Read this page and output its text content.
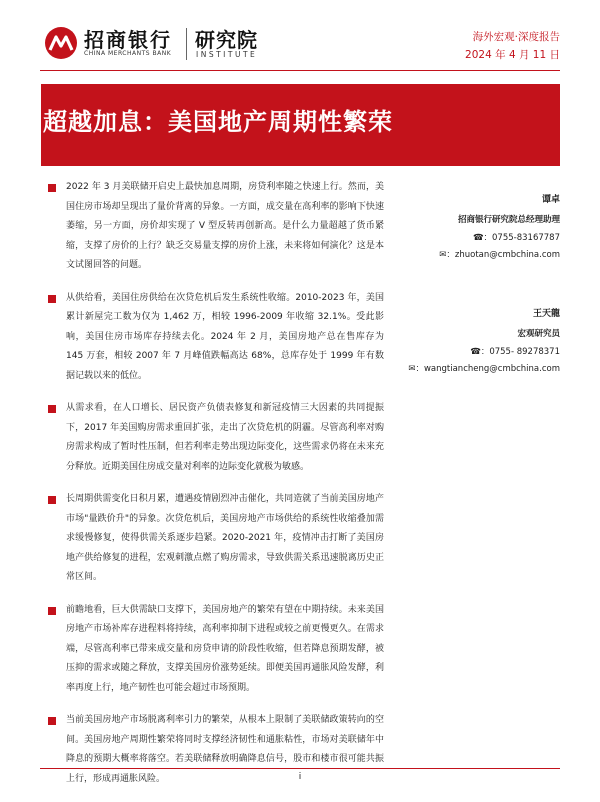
招商银行
CHINA MERCHANTS BANK
研究院
INSTITUTE
海外宏观·深度报告
2024 年 4 月 11 日
超越加息：美国地产周期性繁荣

2022 年 3 月美联储开启史上最快加息周期，房贷利率随之快速上行。然而，美国住房市场却呈现出了量价背离的异象。一方面，成交量在高利率的影响下快速萎缩，另一方面，房价却实现了 V 型反转再创新高。是什么力量超越了货币紧缩，支撑了房价的上行？缺乏交易量支撑的房价上涨，未来将如何演化？这是本文试图回答的问题。

从供给看，美国住房供给在次贷危机后发生系统性收缩。2010-2023 年，美国累计新屋完工数为仅为 1,462 万，相较 1996-2009 年收缩 32.1%。受此影响，美国住房市场库存持续去化。2024 年 2 月，美国房地产总在售库存为 145 万套，相较 2007 年 7 月峰值跌幅高达 68%，总库存处于 1999 年有数据记载以来的低位。

从需求看，在人口增长、居民资产负债表修复和新冠疫情三大因素的共同提振下，2017 年美国购房需求重回扩张，走出了次贷危机的阴霾。尽管高利率对购房需求构成了暂时性压制，但若利率走势出现边际变化，这些需求仍将在未来充分释放。近期美国住房成交量对利率的边际变化就极为敏感。

长周期供需变化日积月累，遭遇疫情剧烈冲击催化，共同造就了当前美国房地产市场"量跌价升"的异象。次贷危机后，美国房地产市场供给的系统性收缩叠加需求缓慢修复，使得供需关系逐步趋紧。2020-2021 年，疫情冲击打断了美国房地产供给修复的进程，宏观刺激点燃了购房需求，导致供需关系迅速脱离历史正常区间。

前瞻地看，巨大供需缺口支撑下，美国房地产的繁荣有望在中期持续。未来美国房地产市场补库存进程料将持续，高利率抑制下进程或较之前更慢更久。在需求端，尽管高利率已带来成交量和房贷申请的阶段性收缩，但若降息预期发酵，被压抑的需求或随之释放，支撑美国房价涨势延续。即便美国再通胀风险发酵，利率再度上行，地产韧性也可能会超过市场预期。

当前美国房地产市场脱离利率引力的繁荣，从根本上限制了美联储政策转向的空间。美国房地产周期性繁荣将同时支撑经济韧性和通胀粘性，市场对美联储年中降息的预期大概率将落空。若美联储释放明确降息信号，股市和楼市很可能共振上行，形成再通胀风险。

谭卓
招商银行研究院总经理助理
☎：0755-83167787
✉：zhuotan@cmbchina.com
王天龍
宏观研究员
☎：0755- 89278371
✉：wangtiancheng@cmbchina.com
i
